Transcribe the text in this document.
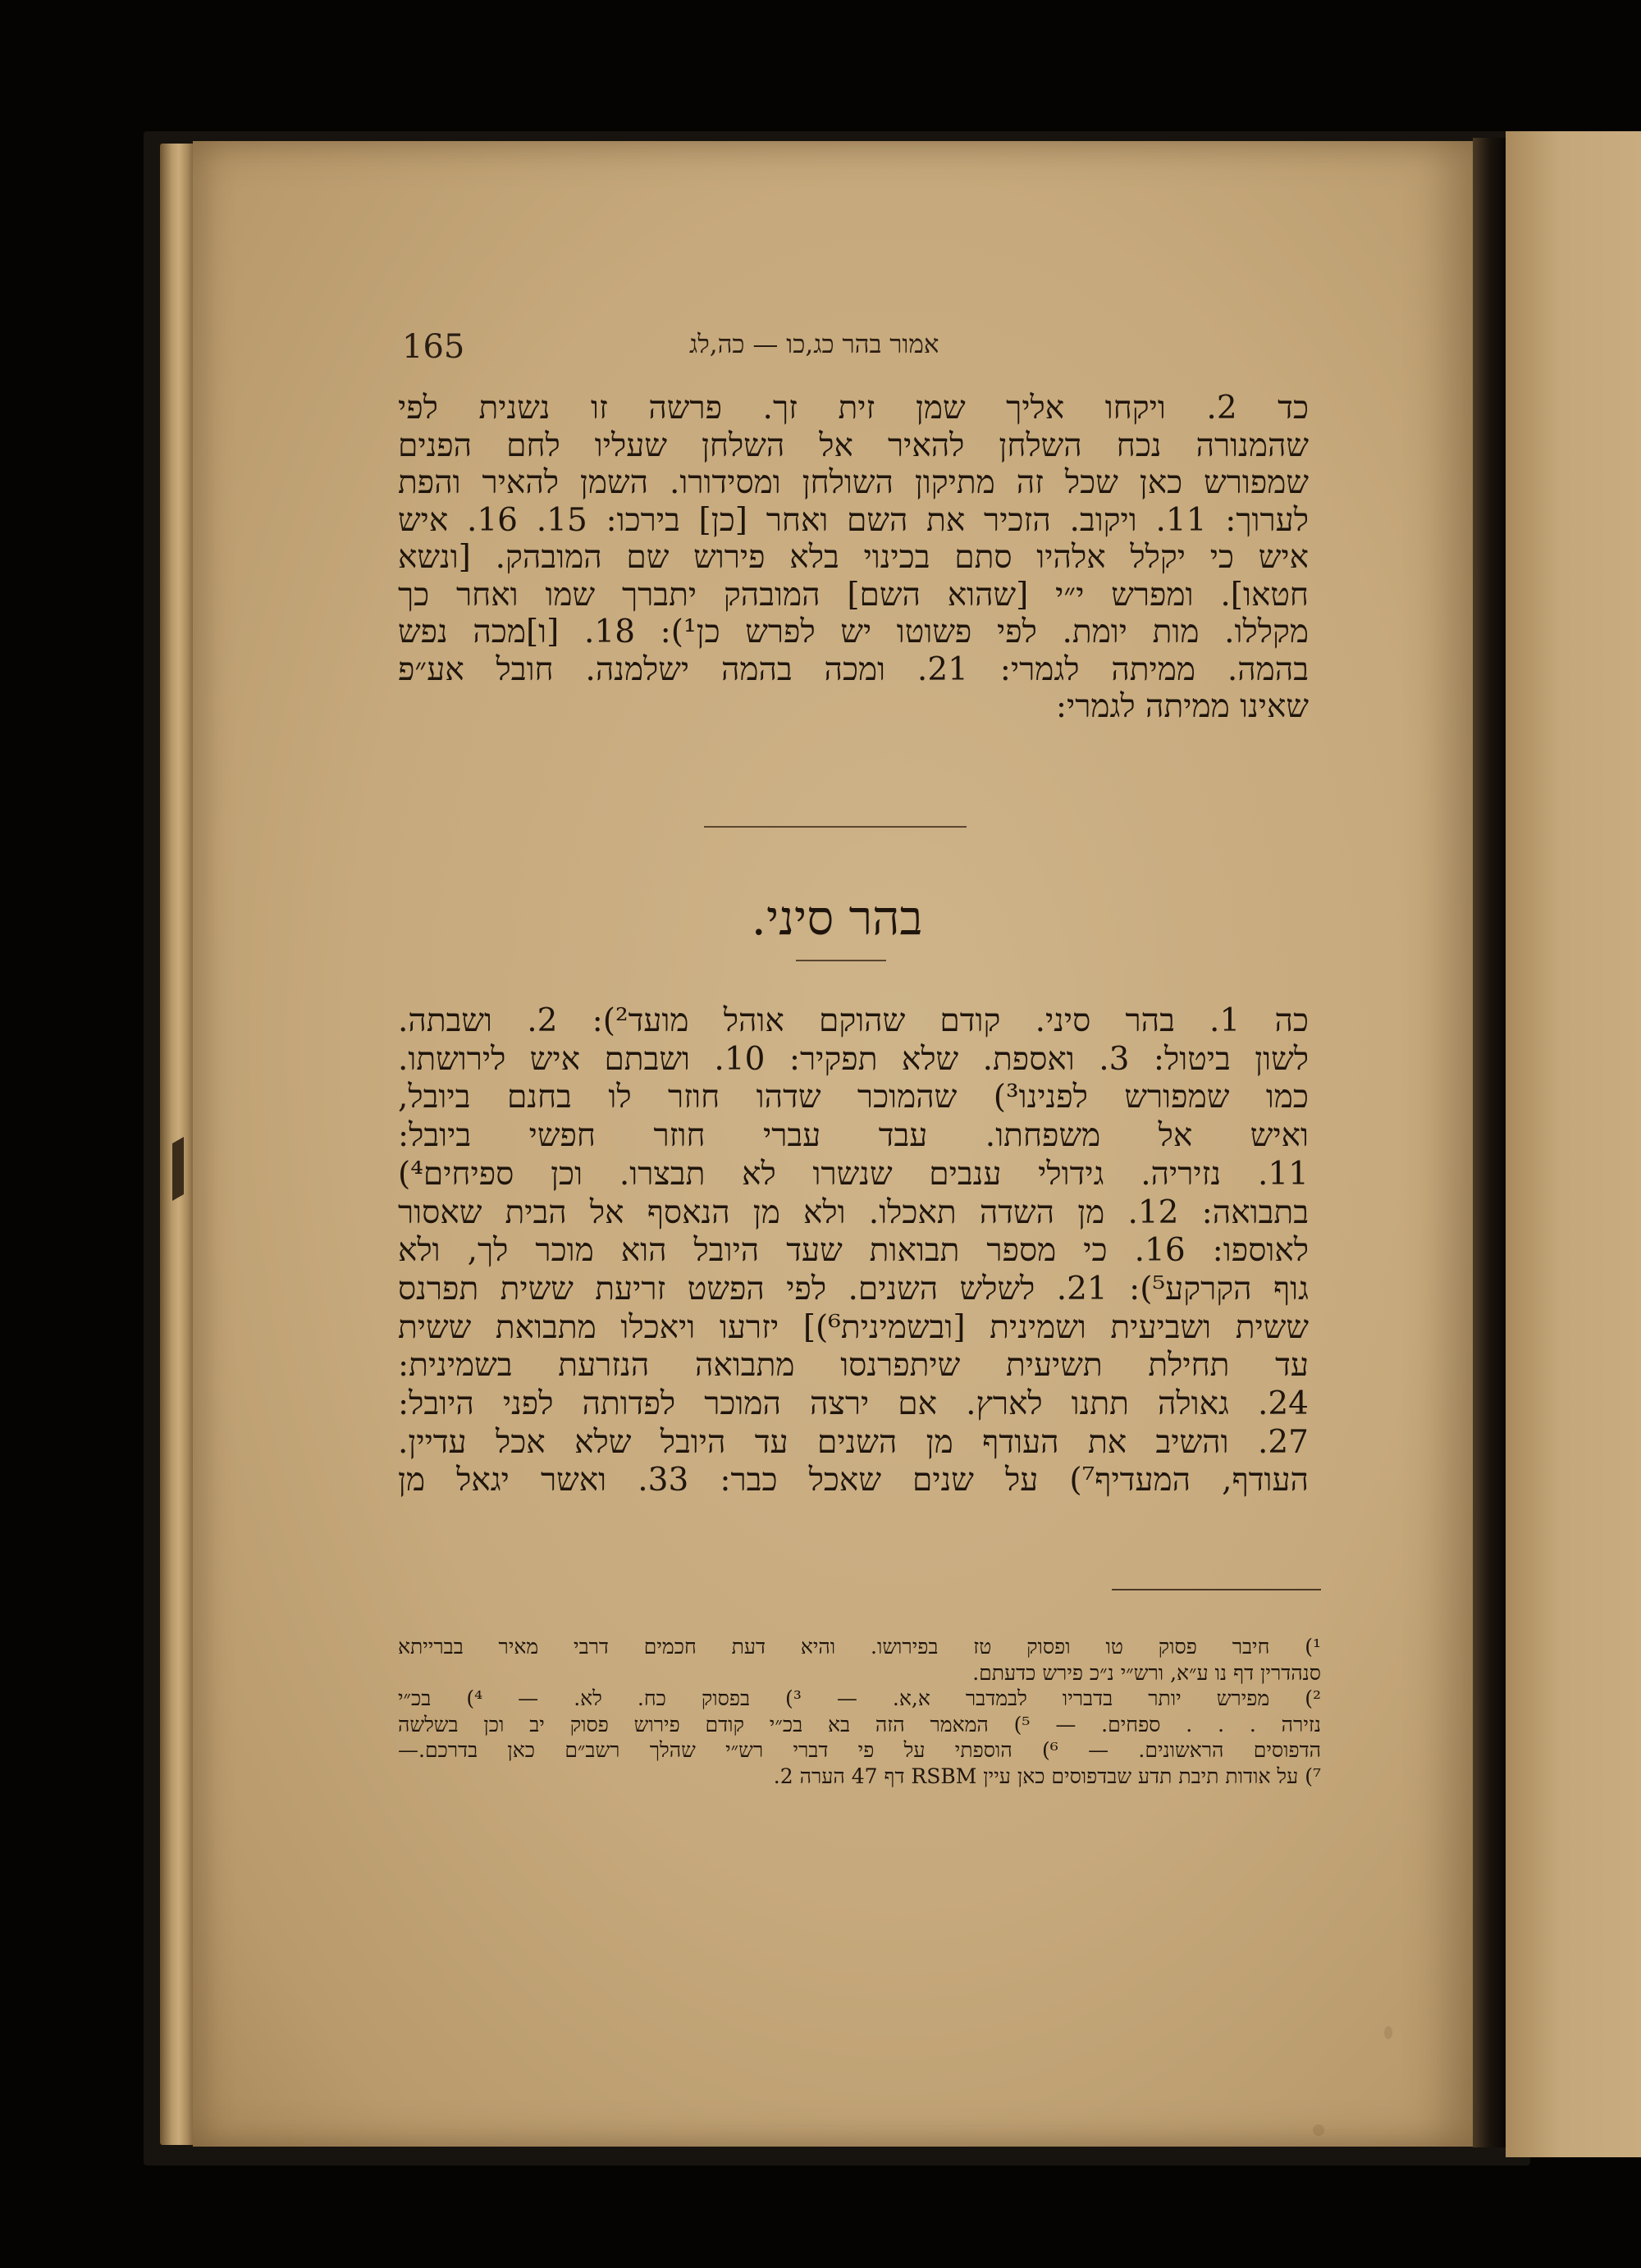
165	אמור בהר כג,כו — כה,לג
כד 2. ויקחו אליך שמן זית זך. פרשה זו נשנית לפי
שהמנורה נכח השלחן להאיר אל השלחן שעליו לחם הפנים
שמפורש כאן שכל זה מתיקון השולחן ומסידורו. השמן להאיר והפת
לערוך: 11. ויקוב. הזכיר את השם ואחר [כן] בירכו: 15. 16. איש
איש כי יקלל אלהיו סתם בכינוי בלא פירוש שם המובהק. [ונשא
חטאו]. ומפרש י״י [שהוא השם] המובהק יתברך שמו ואחר כך
מקללו. מות יומת. לפי פשוטו יש לפרש כן¹): 18. [ו]מכה נפש
בהמה. ממיתה לגמרי: 21. ומכה בהמה ישלמנה. חובל אע״פ
שאינו ממיתה לגמרי:
בהר סיני.
כה 1. בהר סיני. קודם שהוקם אוהל מועד²): 2. ושבתה.
לשון ביטול: 3. ואספת. שלא תפקיר: 10. ושבתם איש לירושתו.
כמו שמפורש לפנינו³) שהמוכר שדהו חוזר לו בחנם ביובל,
ואיש אל משפחתו. עבד עברי חוזר חפשי ביובל:
11. נזיריה. גידולי ענבים שנשרו לא תבצרו. וכן ספיחים⁴)
בתבואה: 12. מן השדה תאכלו. ולא מן הנאסף אל הבית שאסור
לאוספו: 16. כי מספר תבואות שעד היובל הוא מוכר לך, ולא
גוף הקרקע⁵): 21. לשלש השנים. לפי הפשט זריעת ששית תפרנס
ששית ושביעית ושמינית [ובשמינית⁶)] יזרעו ויאכלו מתבואת ששית
עד תחילת תשיעית שיתפרנסו מתבואה הנזרעת בשמינית:
24. גאולה תתנו לארץ. אם ירצה המוכר לפדותה לפני היובל:
27. והשיב את העודף מן השנים עד היובל שלא אכל עדיין.
העודף, המעדיף⁷) על שנים שאכל כבר: 33. ואשר יגאל מן
¹) חיבר פסוק טו ופסוק טז בפירושו. והיא דעת חכמים דרבי מאיר בברייתא
סנהדרין דף נו ע״א, ורש״י נ״כ פירש כדעתם.
²) מפירש יותר בדבריו לבמדבר א,א. — ³) בפסוק כח. לא. — ⁴) בכ״י
נזירה . . . ספחים. — ⁵) המאמר הזה בא בכ״י קודם פירוש פסוק יב וכן בשלשה
הדפוסים הראשונים. — ⁶) הוספתי על פי דברי רש״י שהלך רשב״ם כאן בדרכם.—
⁷) על אודות תיבת תדע שבדפוסים כאן עיין RSBM דף 47 הערה 2.
